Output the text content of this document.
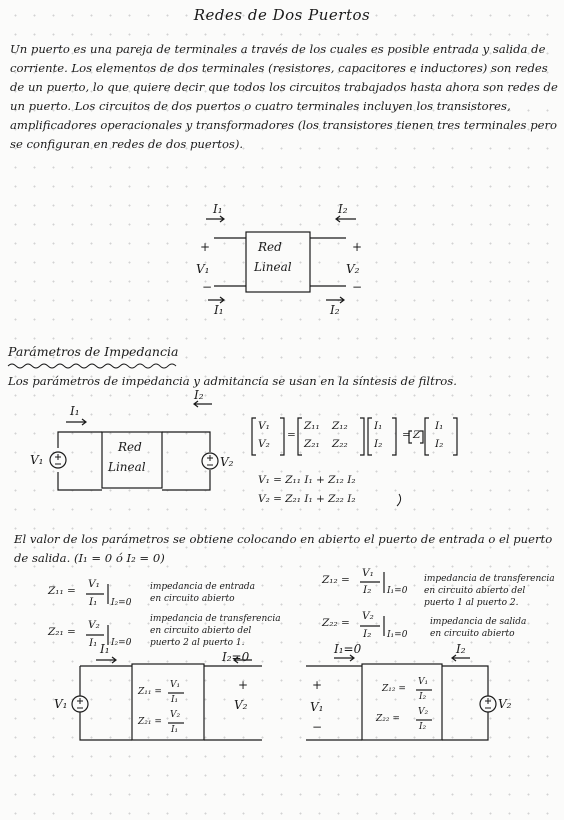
Redes de Dos Puertos
Un puerto es una pareja de terminales a través de los cuales es posible entrada y salida de corriente. Los elementos de dos terminales (resistores, capacitores e inductores) son redes de un puerto, lo que quiere decir que todos los circuitos trabajados hasta ahora son redes de un puerto. Los circuitos de dos puertos o cuatro terminales incluyen los transistores, amplificadores operacionales y transformadores (los transistores tienen tres terminales pero se configuran en redes de dos puertos).
I₁	I₂
Red
Lineal
+
V₁
−
+
V₂
−
I₁	I₂
Parámetros de Impedancia
Los parámetros de impedancia y admitancia se usan en la síntesis de filtros.
I₁
I₂
Red
Lineal
V₁	V₂
V₁
V₂
=
Z₁₁ Z₁₂
Z₂₁ Z₂₂
I₁
I₂
= Z
I₁
I₂
V₁ = Z₁₁ I₁ + Z₁₂ I₂
V₂ = Z₂₁ I₁ + Z₂₂ I₂
El valor de los parámetros se obtiene colocando en abierto el puerto de entrada o el puerto de salida. (I₁ = 0 ó I₂ = 0)
Z₁₁ =
V₁
I₁ I₂=0
impedancia de entrada
en circuito abierto
Z₂₁ =
V₂
I₁ I₂=0
impedancia de transferencia
en circuito abierto del
puerto 2 al puerto 1.
Z₁₂ =
V₁
I₂ I₁=0
impedancia de transferencia
en circuito abierto del
puerto 1 al puerto 2.
Z₂₂ =
V₂
I₂ I₁=0
impedancia de salida
en circuito abierto
I₁
I₂=0
V₁
+
V₂
Z₁₁ =
V₁
I₁
Z₂₁ =
V₂
I₁
I₁=0	I₂
+
V₁
−
V₂
Z₁₂ =
V₁
I₂
Z₂₂ =
V₂
I₂
